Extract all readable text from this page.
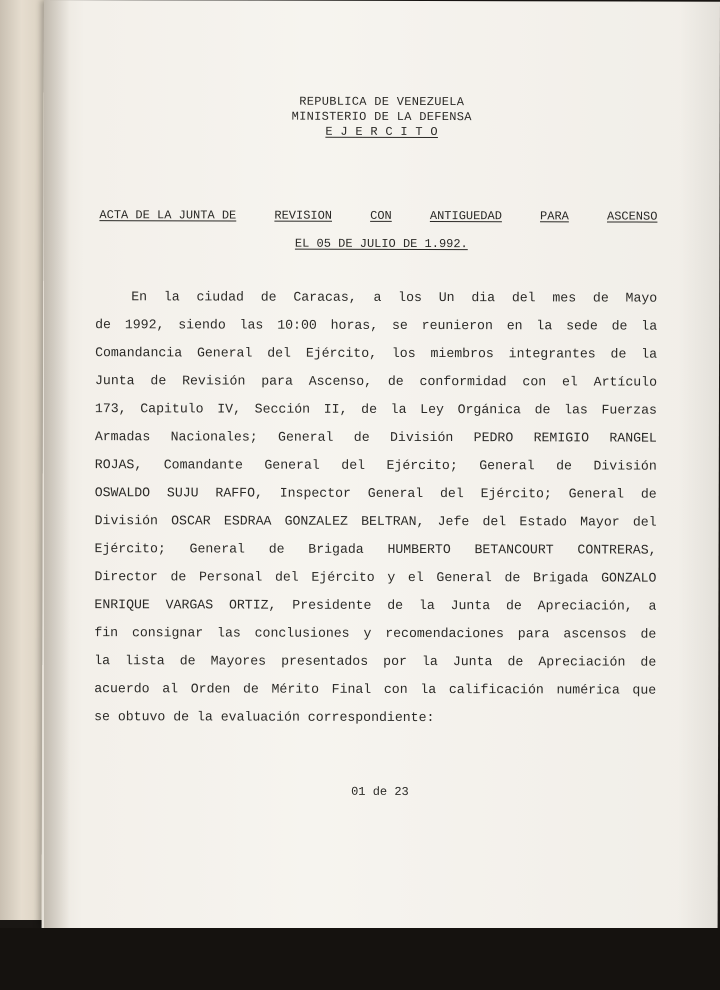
REPUBLICA DE VENEZUELA
MINISTERIO DE LA DEFENSA
E J E R C I T O
ACTA DE LA JUNTA DE	REVISION	CON	ANTIGUEDAD	PARA	ASCENSO
EL 05 DE JULIO DE 1.992.
En la ciudad de Caracas, a los Un dia del mes de Mayo
de 1992, siendo las 10:00 horas, se reunieron en la sede de la
Comandancia General del Ejército, los miembros integrantes de la
Junta de Revisión para Ascenso, de conformidad con el Artículo
173, Capitulo IV, Sección II, de la Ley Orgánica de las Fuerzas
Armadas Nacionales; General de División PEDRO REMIGIO RANGEL
ROJAS, Comandante General del Ejército; General de División
OSWALDO SUJU RAFFO, Inspector General del Ejército; General de
División OSCAR ESDRAA GONZALEZ BELTRAN, Jefe del Estado Mayor del
Ejército; General de Brigada HUMBERTO BETANCOURT CONTRERAS,
Director de Personal del Ejército y el General de Brigada GONZALO
ENRIQUE VARGAS ORTIZ, Presidente de la Junta de Apreciación, a
fin consignar las conclusiones y recomendaciones para ascensos de
la lista de Mayores presentados por la Junta de Apreciación de
acuerdo al Orden de Mérito Final con la calificación numérica que
se obtuvo de la evaluación correspondiente:
01 de 23
